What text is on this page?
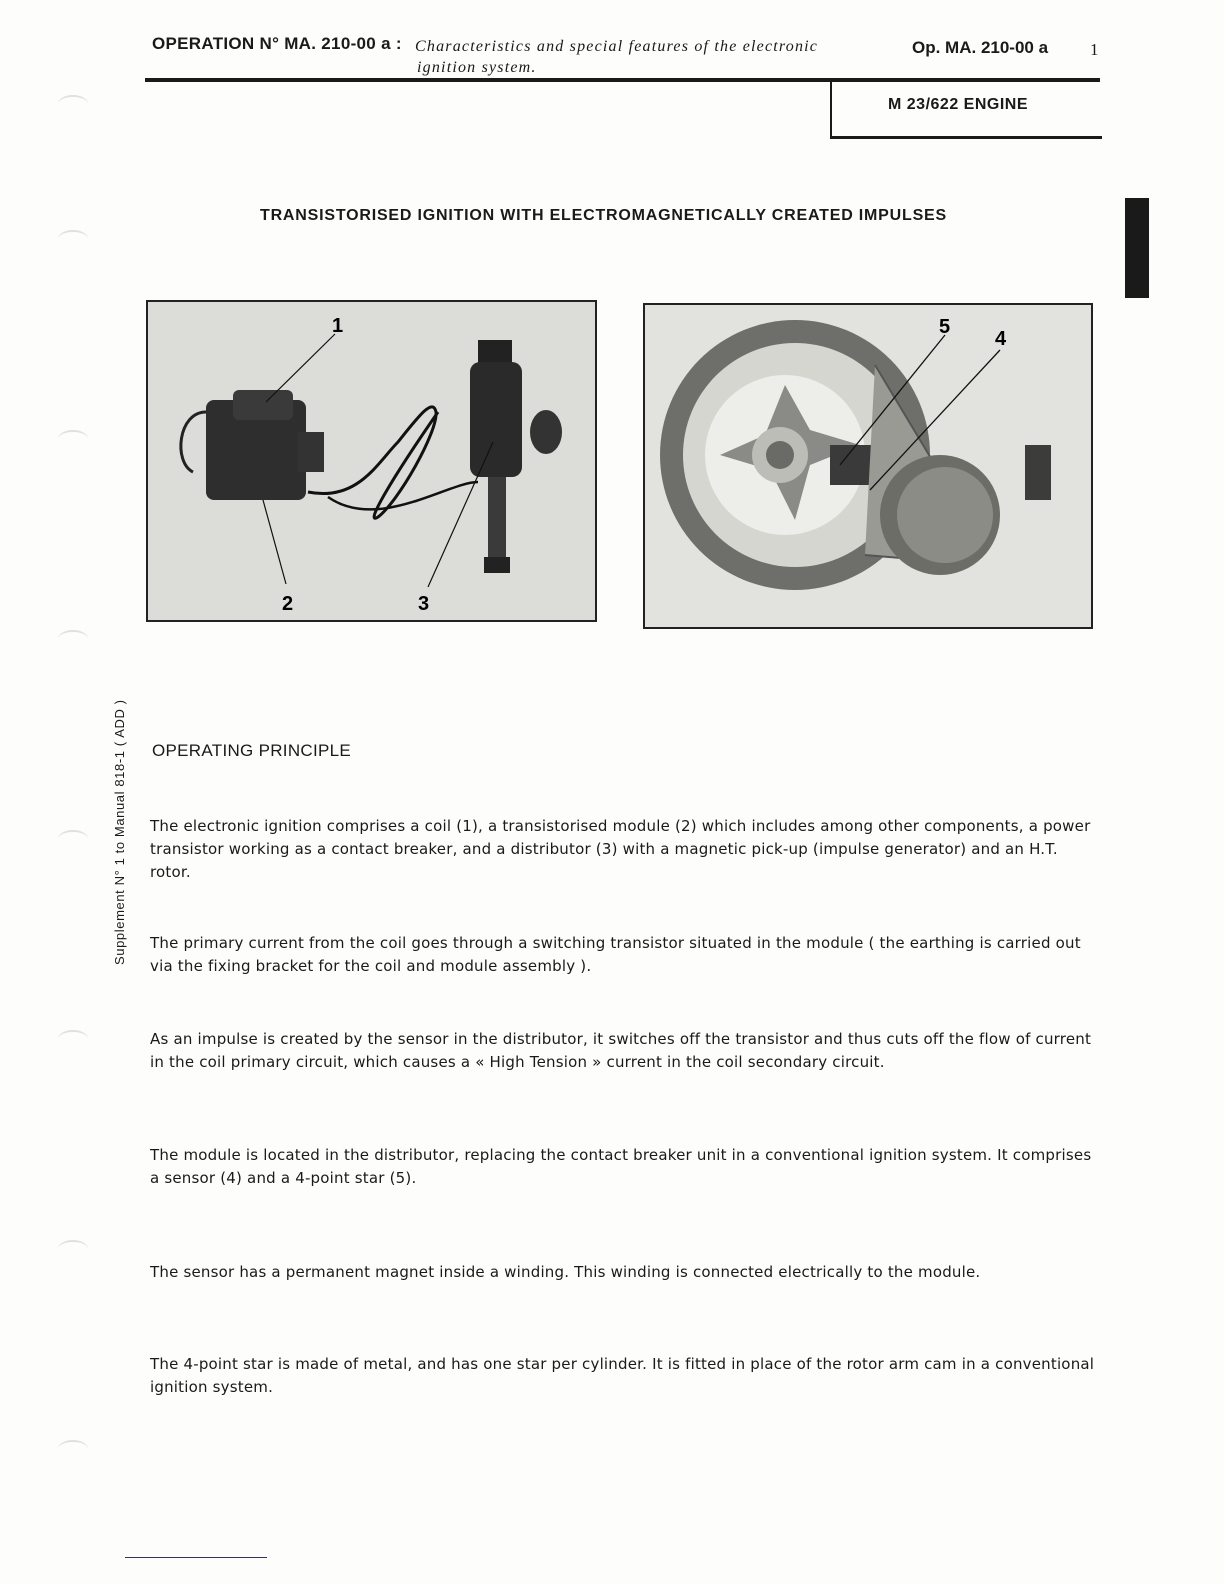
OPERATION N° MA. 210-00 a : Characteristics and special features of the electronic
ignition system.
Op. MA. 210-00 a 1
M 23/622 ENGINE
TRANSISTORISED IGNITION WITH ELECTROMAGNETICALLY CREATED IMPULSES
1
2	3
5
4
Supplement N° 1 to Manual 818-1 ( ADD ) OPERATING PRINCIPLE
The electronic ignition comprises a coil (1), a transistorised module (2) which includes among other components, a power transistor working as a contact breaker, and a distributor (3) with a magnetic pick-up (impulse generator) and an H.T. rotor.
The primary current from the coil goes through a switching transistor situated in the module ( the earthing is carried out via the fixing bracket for the coil and module assembly ).
As an impulse is created by the sensor in the distributor, it switches off the transistor and thus cuts off the flow of current in the coil primary circuit, which causes a « High Tension » current in the coil secondary circuit.
The module is located in the distributor, replacing the contact breaker unit in a conventional ignition system. It comprises a sensor (4) and a 4-point star (5).
The sensor has a permanent magnet inside a winding. This winding is connected electrically to the module.
The 4-point star is made of metal, and has one star per cylinder. It is fitted in place of the rotor arm cam in a conventional ignition system.
